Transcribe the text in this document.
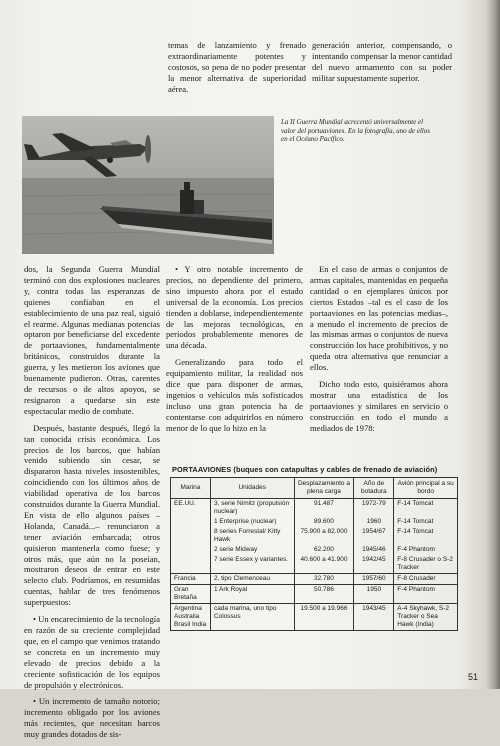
temas de lanzamiento y frenado extraordinariamente potentes y costosos, so pena de no poder presentar la menor alternativa de superioridad aérea.

generación anterior, compensando, o intentando compensar la menor cantidad del nuevo armamento con su poder militar supuestamente superior.

La II Guerra Mundial acrecentó universalmente el valor del portaaviones. En la fotografía, uno de ellos en el Océano Pacífico.

dos, la Segunda Guerra Mundial terminó con dos explosiones nucleares y, contra todas las esperanzas de quienes confiaban en el establecimiento de una paz real, siguió el rearme. Algunas medianas potencias optaron por beneficiarse del excedente de portaaviones, fundamentalmente británicos, construidos durante la guerra, y les metieron los aviones que buenamente pudieron. Otras, carentes de recursos o de altos apoyos, se resignaron a quedarse sin este espectacular medio de combate.

Después, bastante después, llegó la tan conocida crisis económica. Los precios de los barcos, que habían venido subiendo sin cesar, se dispararon hasta niveles insostenibles, coincidiendo con los últimos años de viabilidad operativa de los barcos construidos durante la Guerra Mundial. En vista de ello algunos países –Holanda, Canadá...– renunciaron a tener aviación embarcada; otros quisieron mantenerla como fuese; y otros más, que aún no la poseían, mostraron deseos de entrar en este selecto club. Podríamos, en resumidas cuentas, hablar de tres fenómenos superpuestos:

• Un encarecimiento de la tecnología en razón de su creciente complejidad que, en el campo que venimos tratando se concreta en un incremento muy elevado de precios debido a la creciente sofisticación de los equipos de propulsión y electrónicos.

• Un incremento de tamaño notorio; incremento obligado por los aviones más recientes, que necesitan barcos muy grandes dotados de sis-

• Y otro notable incremento de precios, no dependiente del primero, sino impuesto ahora por el estado universal de la economía. Los precios tienden a doblarse, independientemente de las mejoras tecnológicas, en períodos probablemente menores de una década.

Generalizando para todo el equipamiento militar, la realidad nos dice que para disponer de armas, ingenios o vehículos más sofisticados incluso una gran potencia ha de contentarse con adquirirlos en número menor de lo que lo hizo en la

En el caso de armas o conjuntos de armas capitales, mantenidas en pequeña cantidad o en ejemplares únicos por ciertos Estados –tal es el caso de los portaaviones en las potencias medias–, a menudo el incremento de precios de las mismas armas o conjuntos de nueva construcción los hace prohibitivos, y no queda otra alternativa que renunciar a ellos.

Dicho todo esto, quisiéramos ahora mostrar una estadística de los portaaviones y similares en servicio o construcción en todo el mundo a mediados de 1978:

PORTAAVIONES (buques con catapultas y cables de frenado de aviación)
Marina	Unidades	Desplazamiento a plena carga	Año de botadura	Avión principal a su bordo
EE.UU.	3, serie Nimitz (propulsión nuclear)	91.487	1972-79	F-14 Tomcat
	1 Enterprise (nuclear)	89.600	1960	F-14 Tomcat
	8 series Forrestal/ Kitty Hawk	75.900 a 82.000	1954/67	F-14 Tomcat
	2 serie Midway	62.200	1945/46	F-4 Phantom
	7 serie Essex y variantes.	40.600 a 41.900	1942/45	F-8 Crusader o S-2 Tracker
Francia	2, tipo Clemenceau	32.780	1957/60	F-8 Crusader
Gran Bretaña	1 Ark Royal	50.786	1950	F-4 Phantom
Argentina Australia Brasil India	cada marina, uno tipo Colossus	19.500 a 19.966	1943/45	A-4 Skyhawk, S-2 Tracker o Sea Hawk (India)
51
